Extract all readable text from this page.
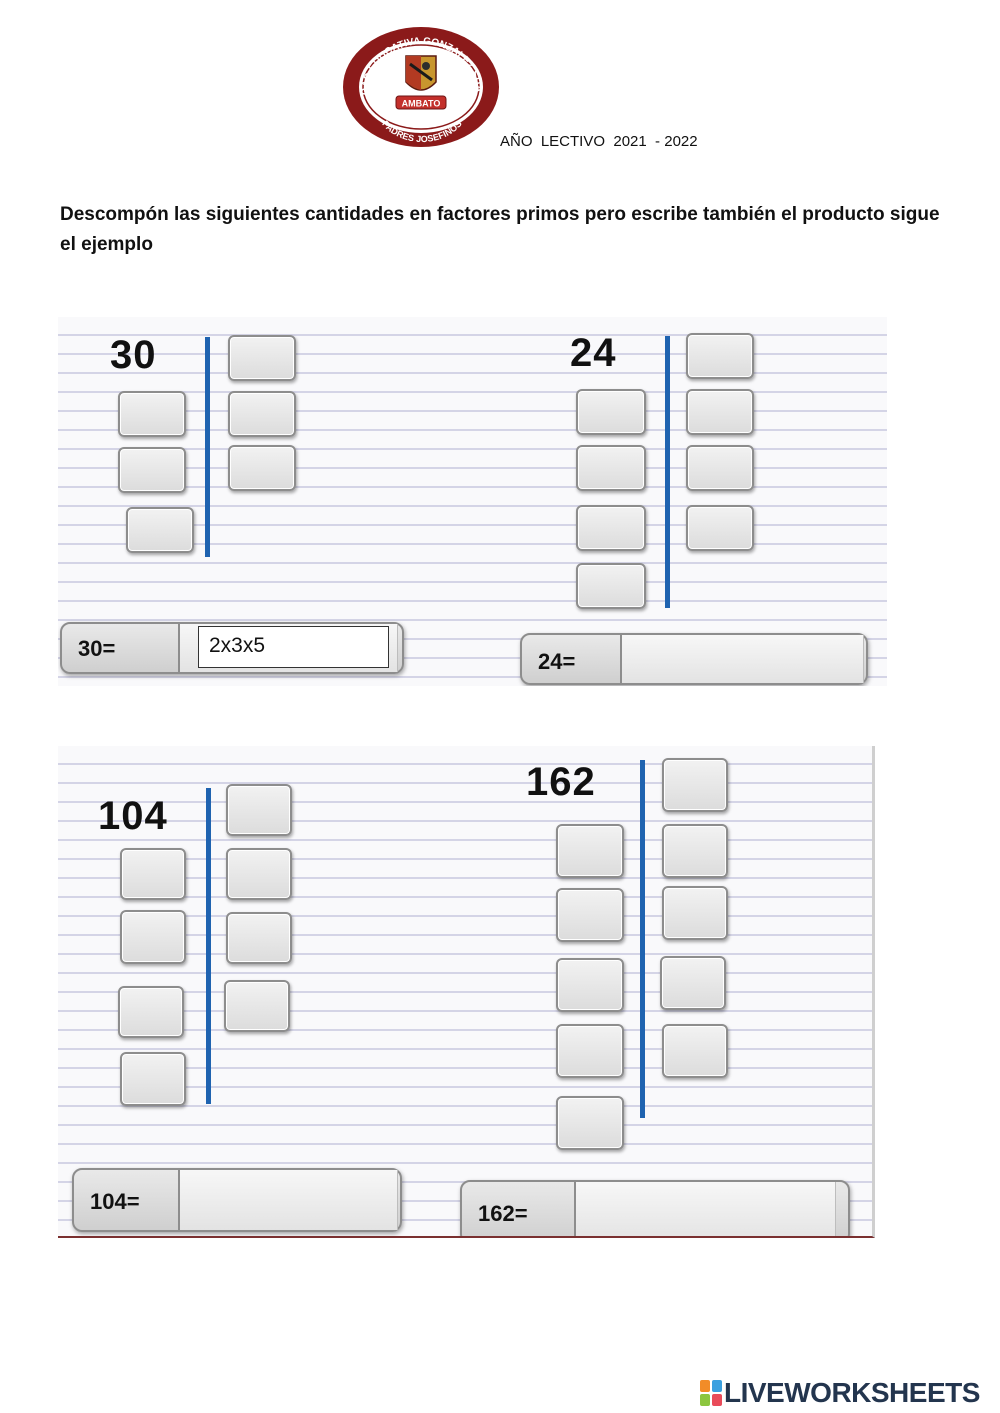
DAD EDUCATIVA GONZALEZ SUA
PADRES JOSEFINOS
AMBATO
AÑO  LECTIVO  2021  - 2022
Descompón las siguientes cantidades en factores primos pero escribe también el producto sigue el ejemplo
30
30=	2x3x5
24
24=
104
104=
162
162=
LIVEWORKSHEETS
